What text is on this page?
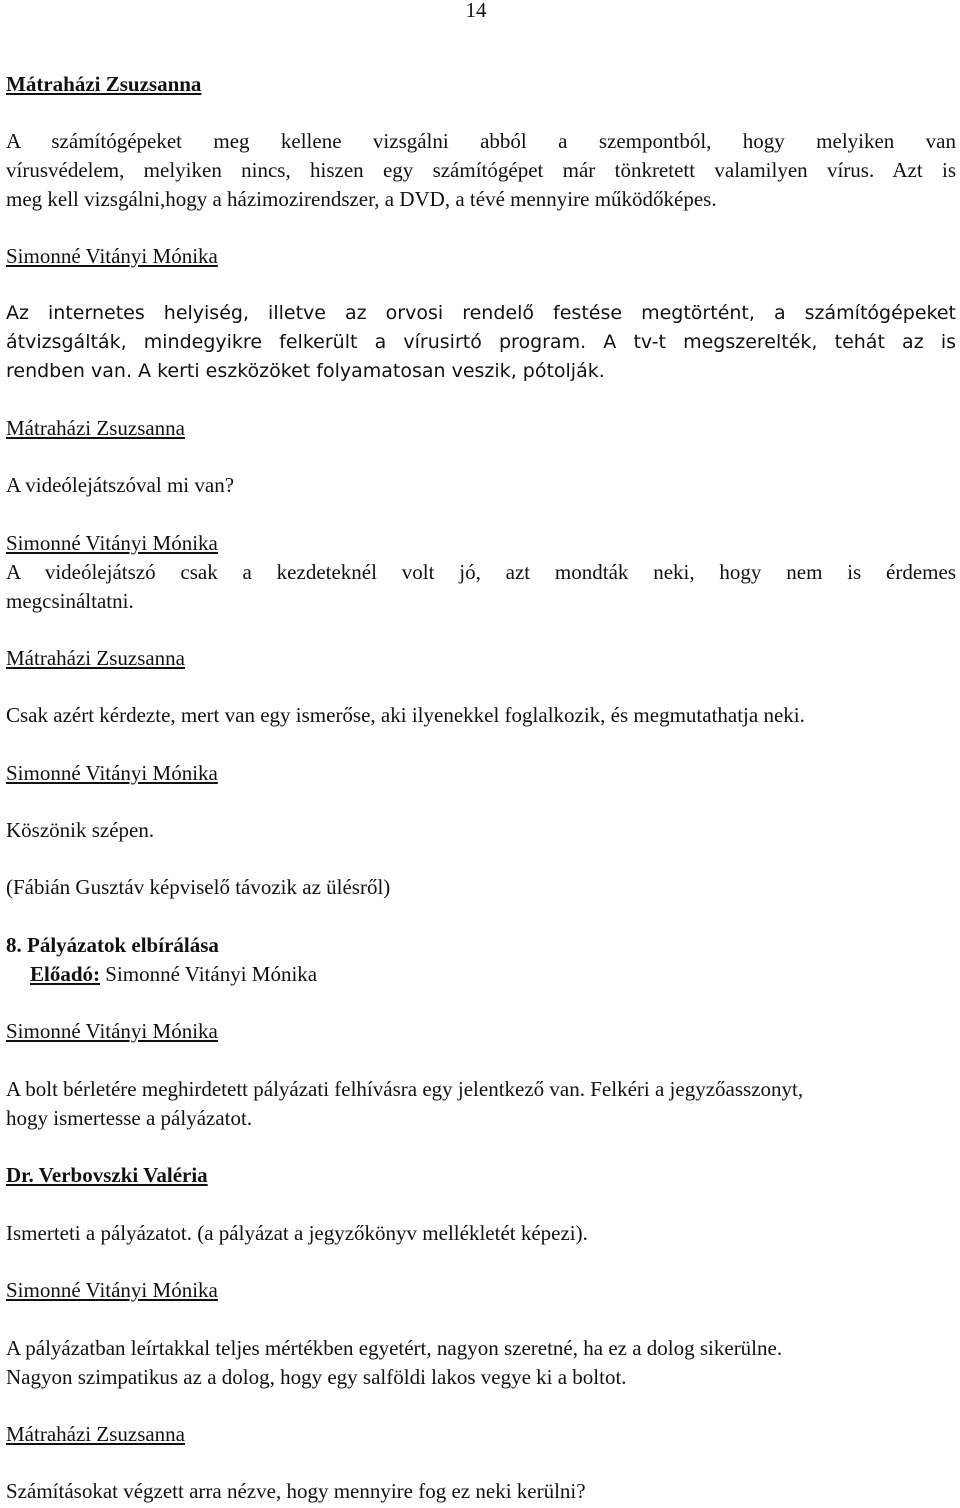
14
Mátraházi Zsuzsanna
A számítógépeket meg kellene vizsgálni abból a szempontból, hogy melyiken van
vírusvédelem, melyiken nincs, hiszen egy számítógépet már tönkretett valamilyen vírus. Azt is
meg kell vizsgálni,hogy a házimozirendszer, a DVD, a tévé mennyire működőképes.
Simonné Vitányi Mónika
Az internetes helyiség, illetve az orvosi rendelő festése megtörtént, a számítógépeket
átvizsgálták, mindegyikre felkerült a vírusirtó program. A tv-t megszerelték, tehát az is
rendben van. A kerti eszközöket folyamatosan veszik, pótolják.
Mátraházi Zsuzsanna
A videólejátszóval mi van?
Simonné Vitányi Mónika
A videólejátszó csak a kezdeteknél volt jó, azt mondták neki, hogy nem is érdemes
megcsináltatni.
Mátraházi Zsuzsanna
Csak azért kérdezte, mert van egy ismerőse, aki ilyenekkel foglalkozik, és megmutathatja neki.
Simonné Vitányi Mónika
Köszönik szépen.
(Fábián Gusztáv képviselő távozik az ülésről)
8. Pályázatok elbírálása
Előadó: Simonné Vitányi Mónika
Simonné Vitányi Mónika
A bolt bérletére meghirdetett pályázati felhívásra egy jelentkező van. Felkéri a jegyzőasszonyt,
hogy ismertesse a pályázatot.
Dr. Verbovszki Valéria
Ismerteti a pályázatot. (a pályázat a jegyzőkönyv mellékletét képezi).
Simonné Vitányi Mónika
A pályázatban leírtakkal teljes mértékben egyetért, nagyon szeretné, ha ez a dolog sikerülne.
Nagyon szimpatikus az a dolog, hogy egy salföldi lakos vegye ki a boltot.
Mátraházi Zsuzsanna
Számításokat végzett arra nézve, hogy mennyire fog ez neki kerülni?
